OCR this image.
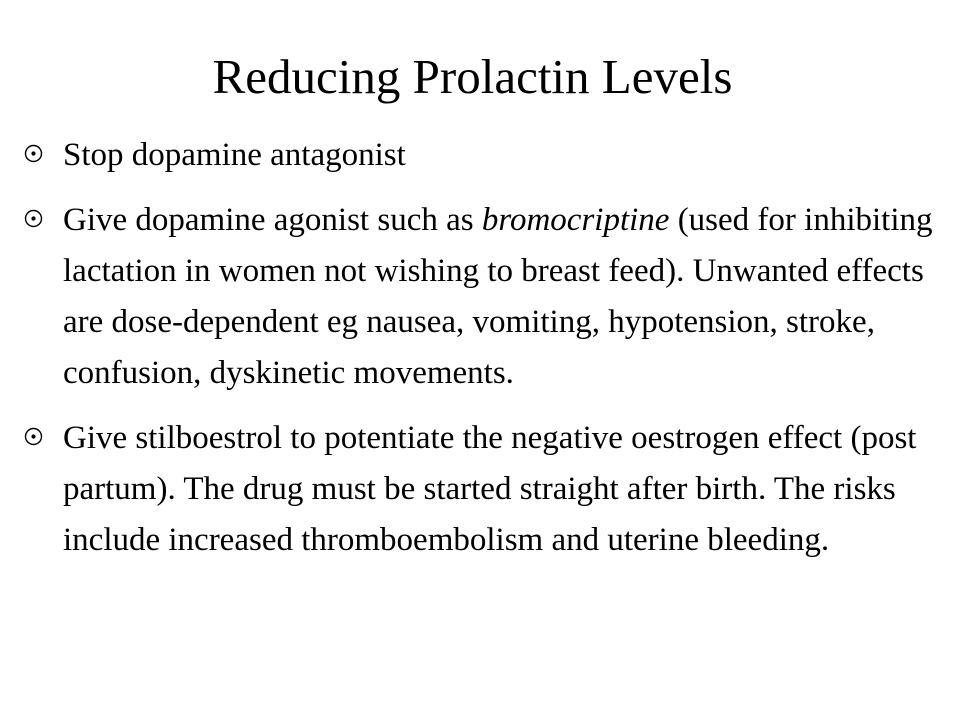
Reducing Prolactin Levels
Stop dopamine antagonist
Give dopamine agonist such as bromocriptine (used for inhibiting lactation in women not wishing to breast feed). Unwanted effects are dose-dependent eg nausea, vomiting, hypotension, stroke, confusion, dyskinetic movements.
Give stilboestrol to potentiate the negative oestrogen effect (post partum). The drug must be started straight after birth. The risks include increased thromboembolism and uterine bleeding.
